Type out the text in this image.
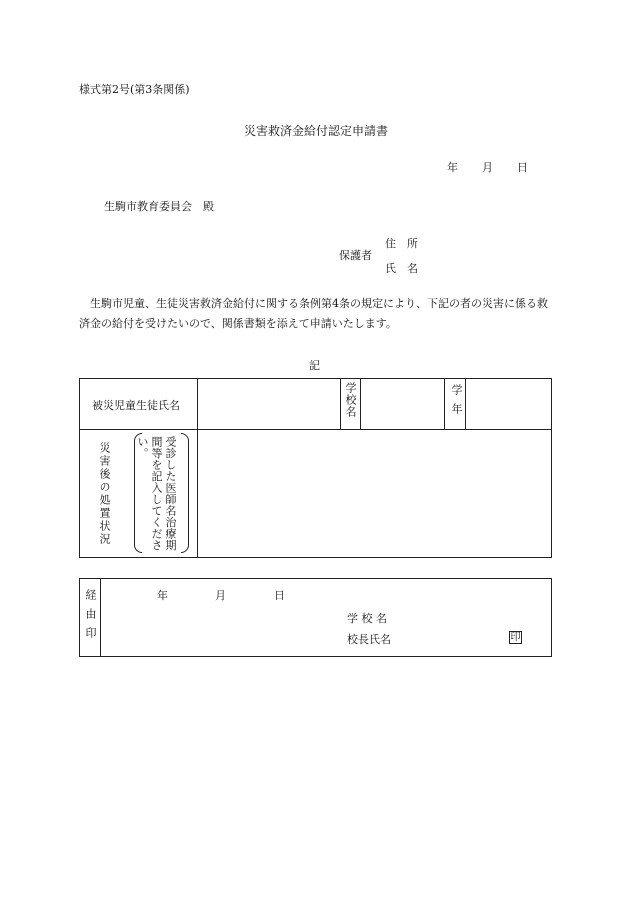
様式第2号(第3条関係)
災害救済金給付認定申請書
年 月 日
生駒市教育委員会　殿
住　所
保護者
氏　名
生駒市児童、生徒災害救済金給付に関する条例第4条の規定により、下記の者の災害に係る救済金の給付を受けたいので、関係書類を添えて申請いたします。
記
被災児童生徒氏名	学校名	学年
災害後の処置状況	受診した医師名治療期
間等を記入してくださ
い。
経由印	年	月	日
学 校 名
校長氏名	印
